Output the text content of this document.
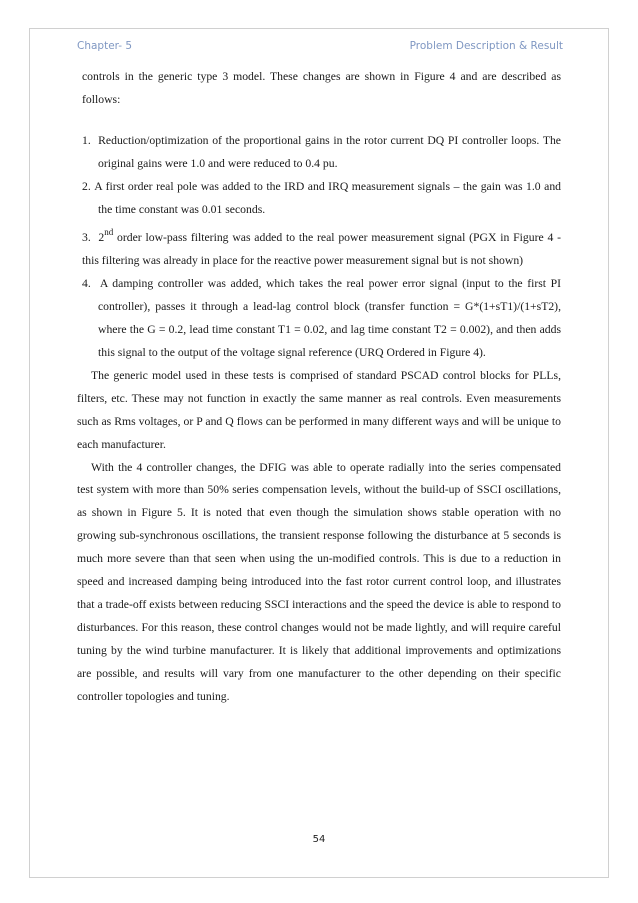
Chapter- 5	Problem Description & Result

controls in the generic type 3 model. These changes are shown in Figure 4 and are described as follows:

1. Reduction/optimization of the proportional gains in the rotor current DQ PI controller loops. The original gains were 1.0 and were reduced to 0.4 pu.
2. A first order real pole was added to the IRD and IRQ measurement signals – the gain was 1.0 and the time constant was 0.01 seconds.
3. 2nd order low-pass filtering was added to the real power measurement signal (PGX in Figure 4 - this filtering was already in place for the reactive power measurement signal but is not shown)
4. A damping controller was added, which takes the real power error signal (input to the first PI controller), passes it through a lead-lag control block (transfer function = G*(1+sT1)/(1+sT2), where the G = 0.2, lead time constant T1 = 0.02, and lag time constant T2 = 0.002), and then adds this signal to the output of the voltage signal reference (URQ Ordered in Figure 4).

The generic model used in these tests is comprised of standard PSCAD control blocks for PLLs, filters, etc. These may not function in exactly the same manner as real controls. Even measurements such as Rms voltages, or P and Q flows can be performed in many different ways and will be unique to each manufacturer.

With the 4 controller changes, the DFIG was able to operate radially into the series compensated test system with more than 50% series compensation levels, without the build-up of SSCI oscillations, as shown in Figure 5. It is noted that even though the simulation shows stable operation with no growing sub-synchronous oscillations, the transient response following the disturbance at 5 seconds is much more severe than that seen when using the un-modified controls. This is due to a reduction in speed and increased damping being introduced into the fast rotor current control loop, and illustrates that a trade-off exists between reducing SSCI interactions and the speed the device is able to respond to disturbances. For this reason, these control changes would not be made lightly, and will require careful tuning by the wind turbine manufacturer. It is likely that additional improvements and optimizations are possible, and results will vary from one manufacturer to the other depending on their specific controller topologies and tuning.

54
